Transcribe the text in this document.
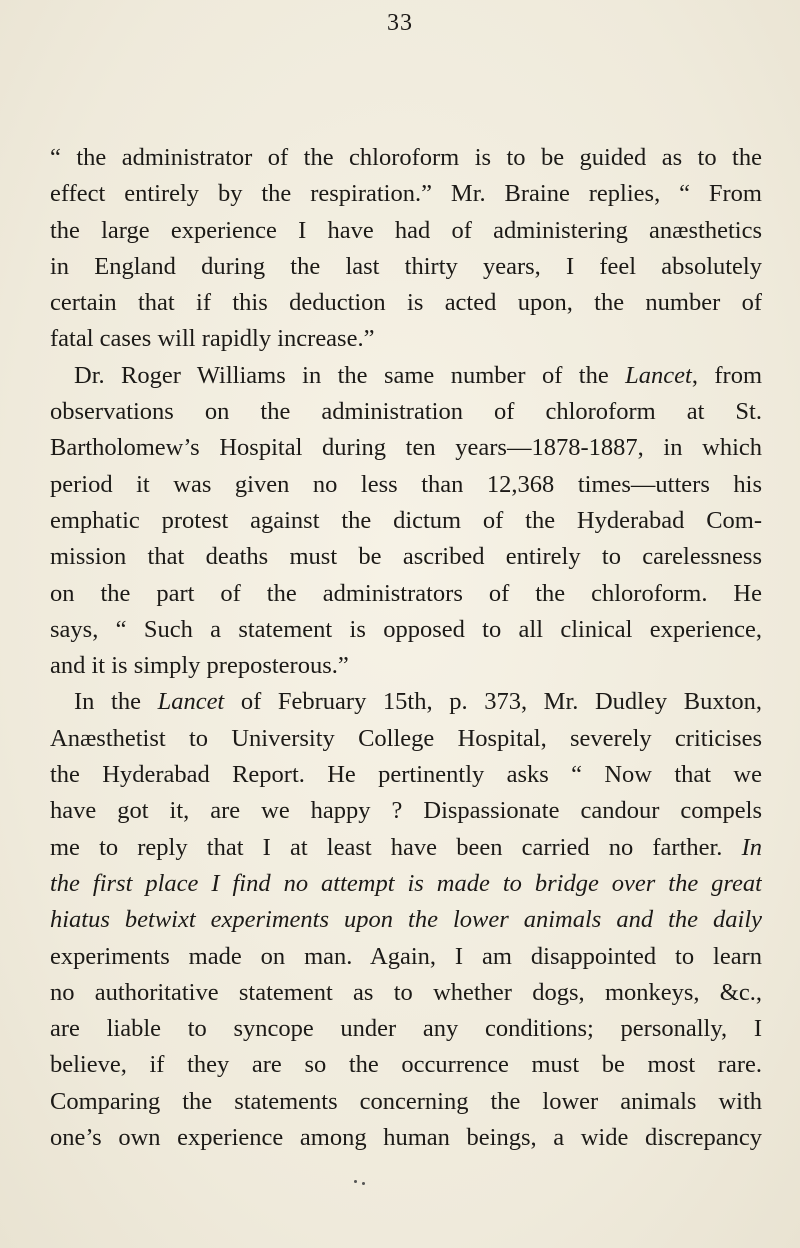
33
“ the administrator of the chloroform is to be guided as to the
effect entirely by the respiration.” Mr. Braine replies, “ From
the large experience I have had of administering anæsthetics
in England during the last thirty years, I feel absolutely
certain that if this deduction is acted upon, the number of
fatal cases will rapidly increase.”
Dr. Roger Williams in the same number of the Lancet, from
observations on the administration of chloroform at St.
Bartholomew’s Hospital during ten years—1878-1887, in which
period it was given no less than 12,368 times—utters his
emphatic protest against the dictum of the Hyderabad Com-
mission that deaths must be ascribed entirely to carelessness
on the part of the administrators of the chloroform. He
says, “ Such a statement is opposed to all clinical experience,
and it is simply preposterous.”
In the Lancet of February 15th, p. 373, Mr. Dudley Buxton,
Anæsthetist to University College Hospital, severely criticises
the Hyderabad Report. He pertinently asks “ Now that we
have got it, are we happy ? Dispassionate candour compels
me to reply that I at least have been carried no farther. In
the first place I find no attempt is made to bridge over the great
hiatus betwixt experiments upon the lower animals and the daily
experiments made on man. Again, I am disappointed to learn
no authoritative statement as to whether dogs, monkeys, &c.,
are liable to syncope under any conditions; personally, I
believe, if they are so the occurrence must be most rare.
Comparing the statements concerning the lower animals with
one’s own experience among human beings, a wide discrepancy
